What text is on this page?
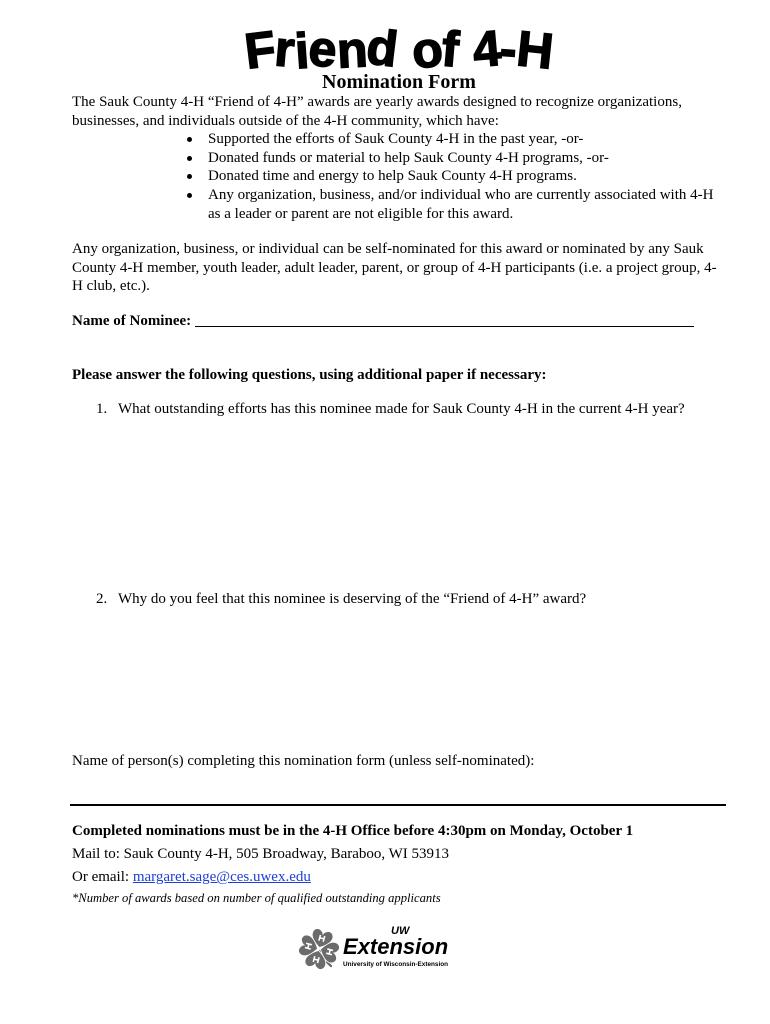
Friend of 4-H
Nomination Form
The Sauk County 4-H “Friend of 4-H” awards are yearly awards designed to recognize organizations, businesses, and individuals outside of the 4-H community, which have:
Supported the efforts of Sauk County 4-H in the past year, -or-
Donated funds or material to help Sauk County 4-H programs, -or-
Donated time and energy to help Sauk County 4-H programs.
Any organization, business, and/or individual who are currently associated with 4-H as a leader or parent are not eligible for this award.
Any organization, business, or individual can be self-nominated for this award or nominated by any Sauk County 4-H member, youth leader, adult leader, parent, or group of 4-H participants (i.e. a project group, 4-H club, etc.).
Name of Nominee:
Please answer the following questions, using additional paper if necessary:
1. What outstanding efforts has this nominee made for Sauk County 4-H in the current 4-H year?
2. Why do you feel that this nominee is deserving of the “Friend of 4-H” award?
Name of person(s) completing this nomination form (unless self-nominated):
Completed nominations must be in the 4-H Office before 4:30pm on Monday, October 1
Mail to: Sauk County 4-H, 505 Broadway, Baraboo, WI 53913
Or email: margaret.sage@ces.uwex.edu
*Number of awards based on number of qualified outstanding applicants
UW
Extension
University of Wisconsin-Extension
